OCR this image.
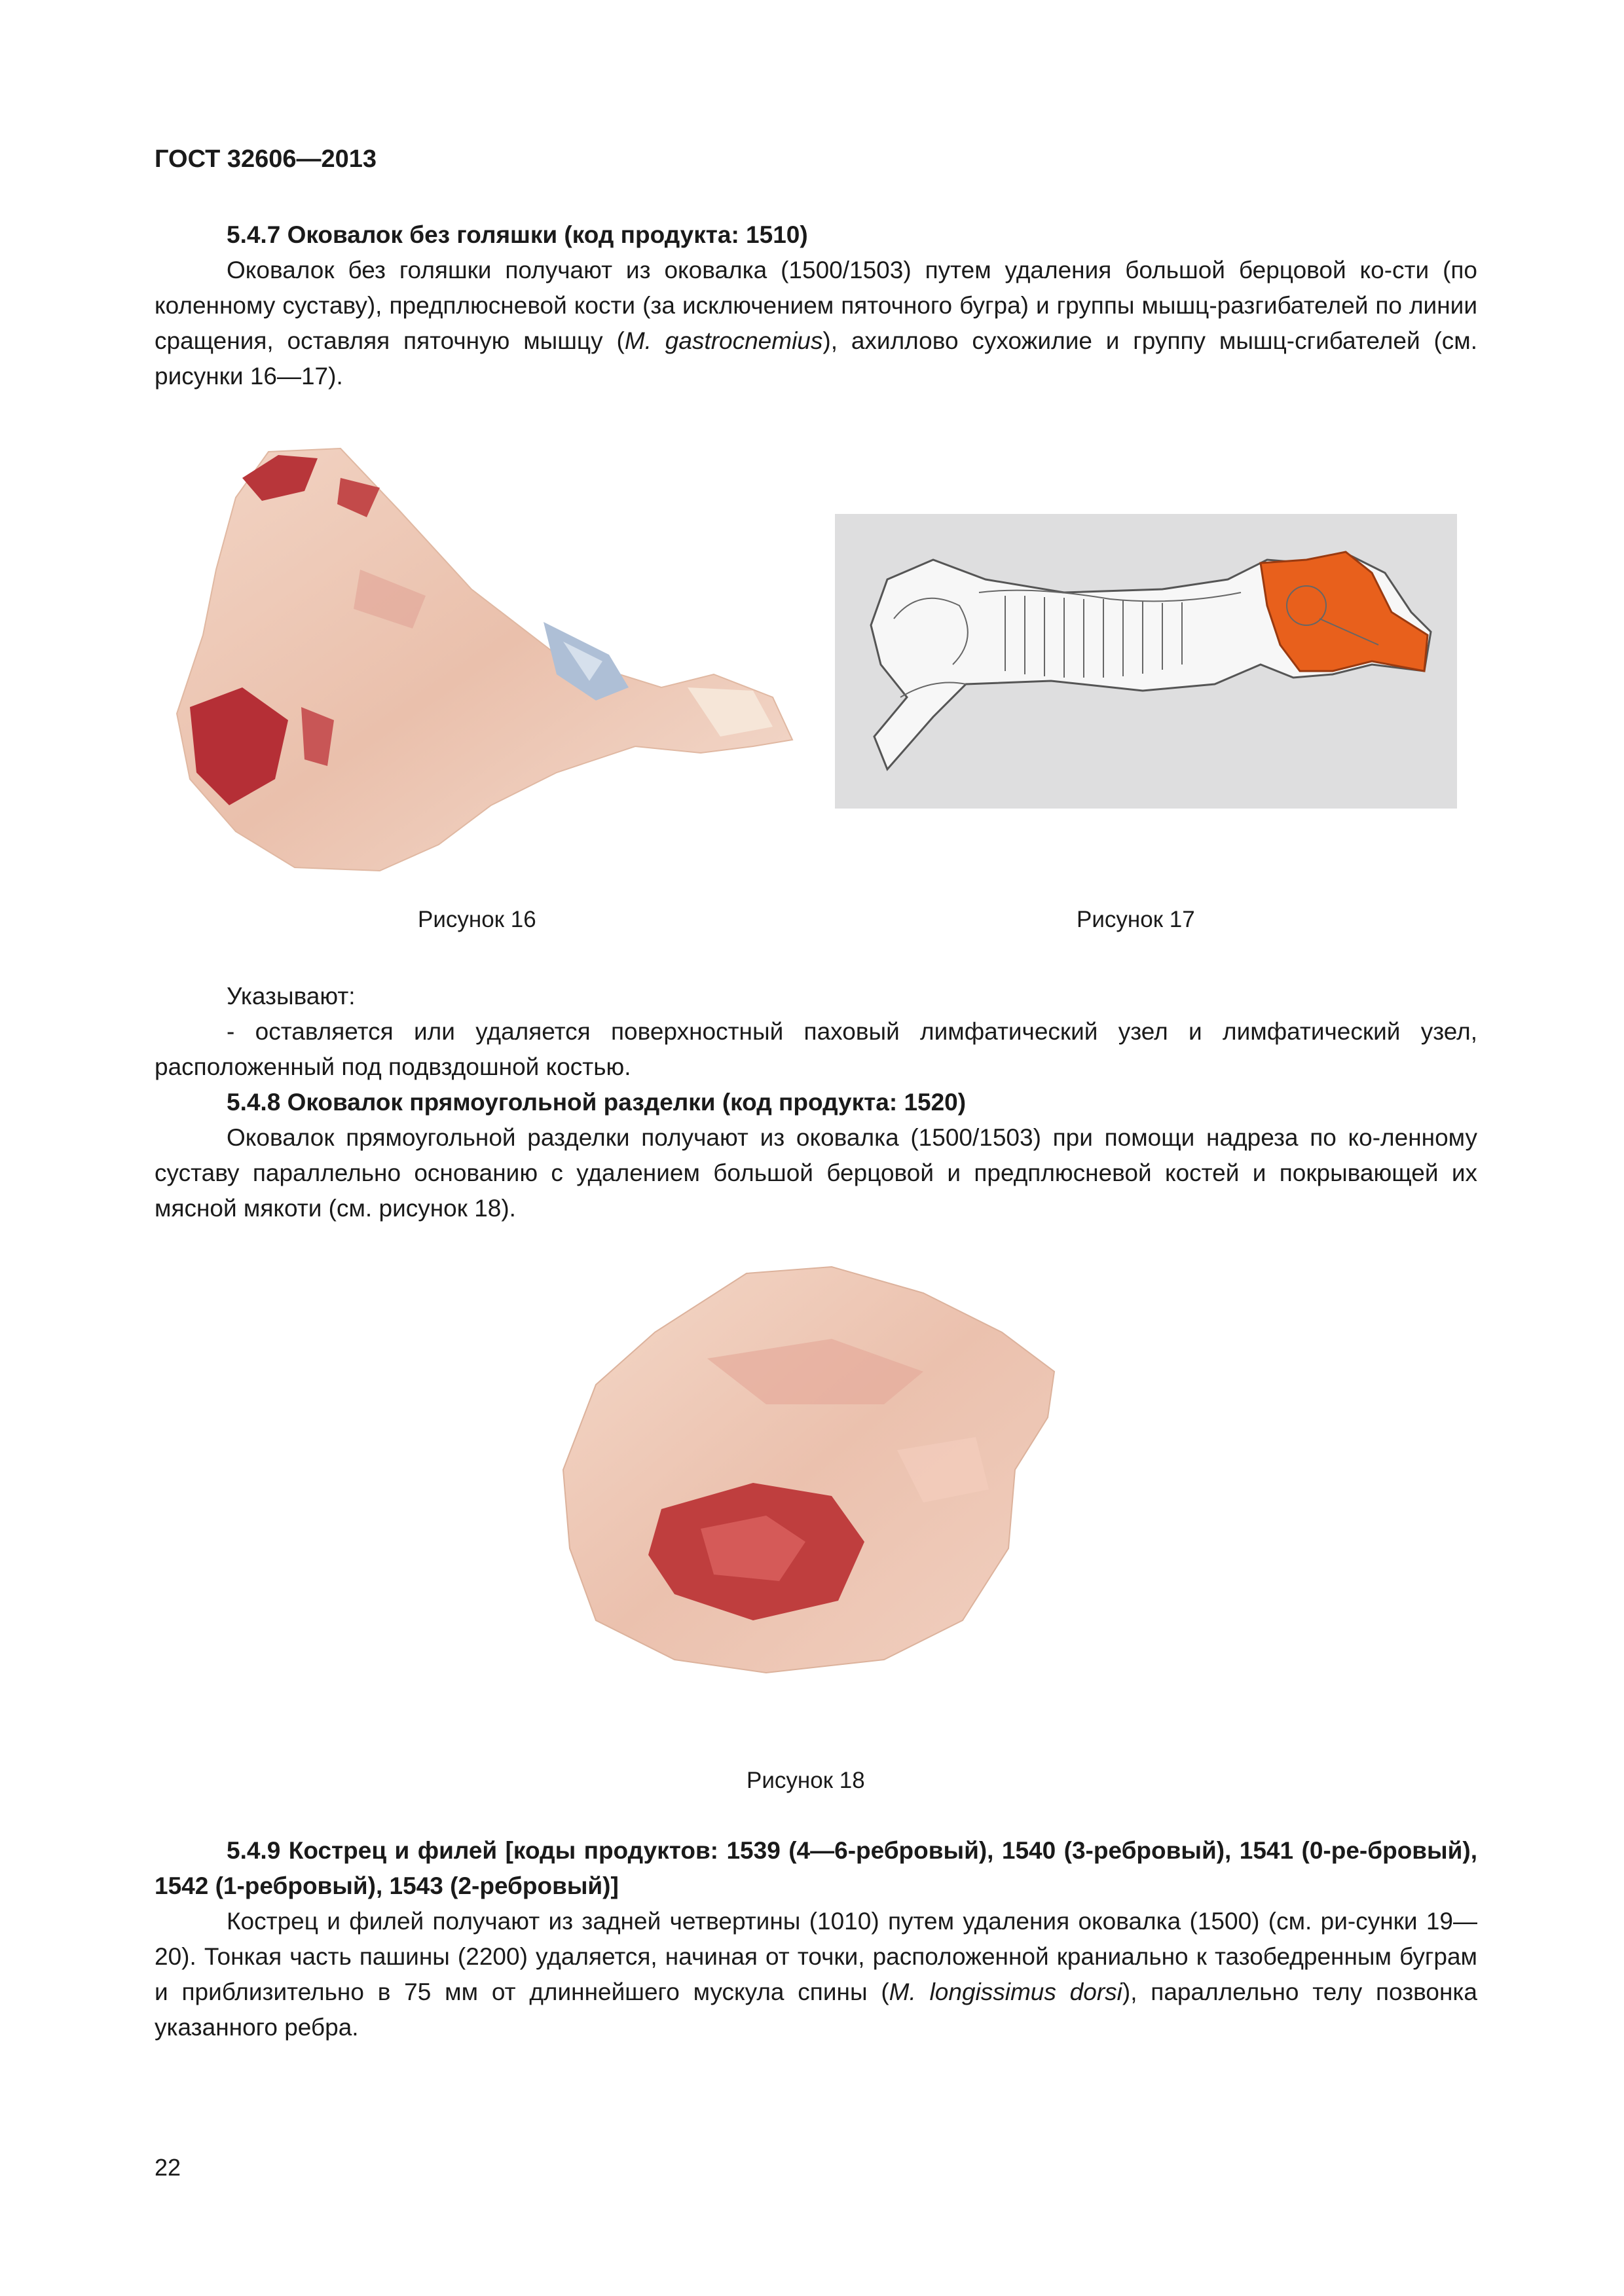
ГОСТ 32606—2013

5.4.7 Оковалок без голяшки (код продукта: 1510)

Оковалок без голяшки получают из оковалка (1500/1503) путем удаления большой берцовой ко-сти (по коленному суставу), предплюсневой кости (за исключением пяточного бугра) и группы мышц-разгибателей по линии сращения, оставляя пяточную мышцу (M. gastrocnemius), ахиллово сухожилие и группу мышц-сгибателей (см. рисунки 16—17).

Рисунок 16	Рисунок 17

Указывают:

- оставляется или удаляется поверхностный паховый лимфатический узел и лимфатический узел, расположенный под подвздошной костью.

5.4.8 Оковалок прямоугольной разделки (код продукта: 1520)

Оковалок прямоугольной разделки получают из оковалка (1500/1503) при помощи надреза по ко-ленному суставу параллельно основанию с удалением большой берцовой и предплюсневой костей и покрывающей их мясной мякоти (см. рисунок 18).

Рисунок 18

5.4.9 Кострец и филей [коды продуктов: 1539 (4—6-ребровый), 1540 (3-ребровый), 1541 (0-ре-бровый), 1542 (1-ребровый), 1543 (2-ребровый)]

Кострец и филей получают из задней четвертины (1010) путем удаления оковалка (1500) (см. ри-сунки 19—20). Тонкая часть пашины (2200) удаляется, начиная от точки, расположенной краниально к тазобедренным буграм и приблизительно в 75 мм от длиннейшего мускула спины (M. longissimus dorsi), параллельно телу позвонка указанного ребра.

22
